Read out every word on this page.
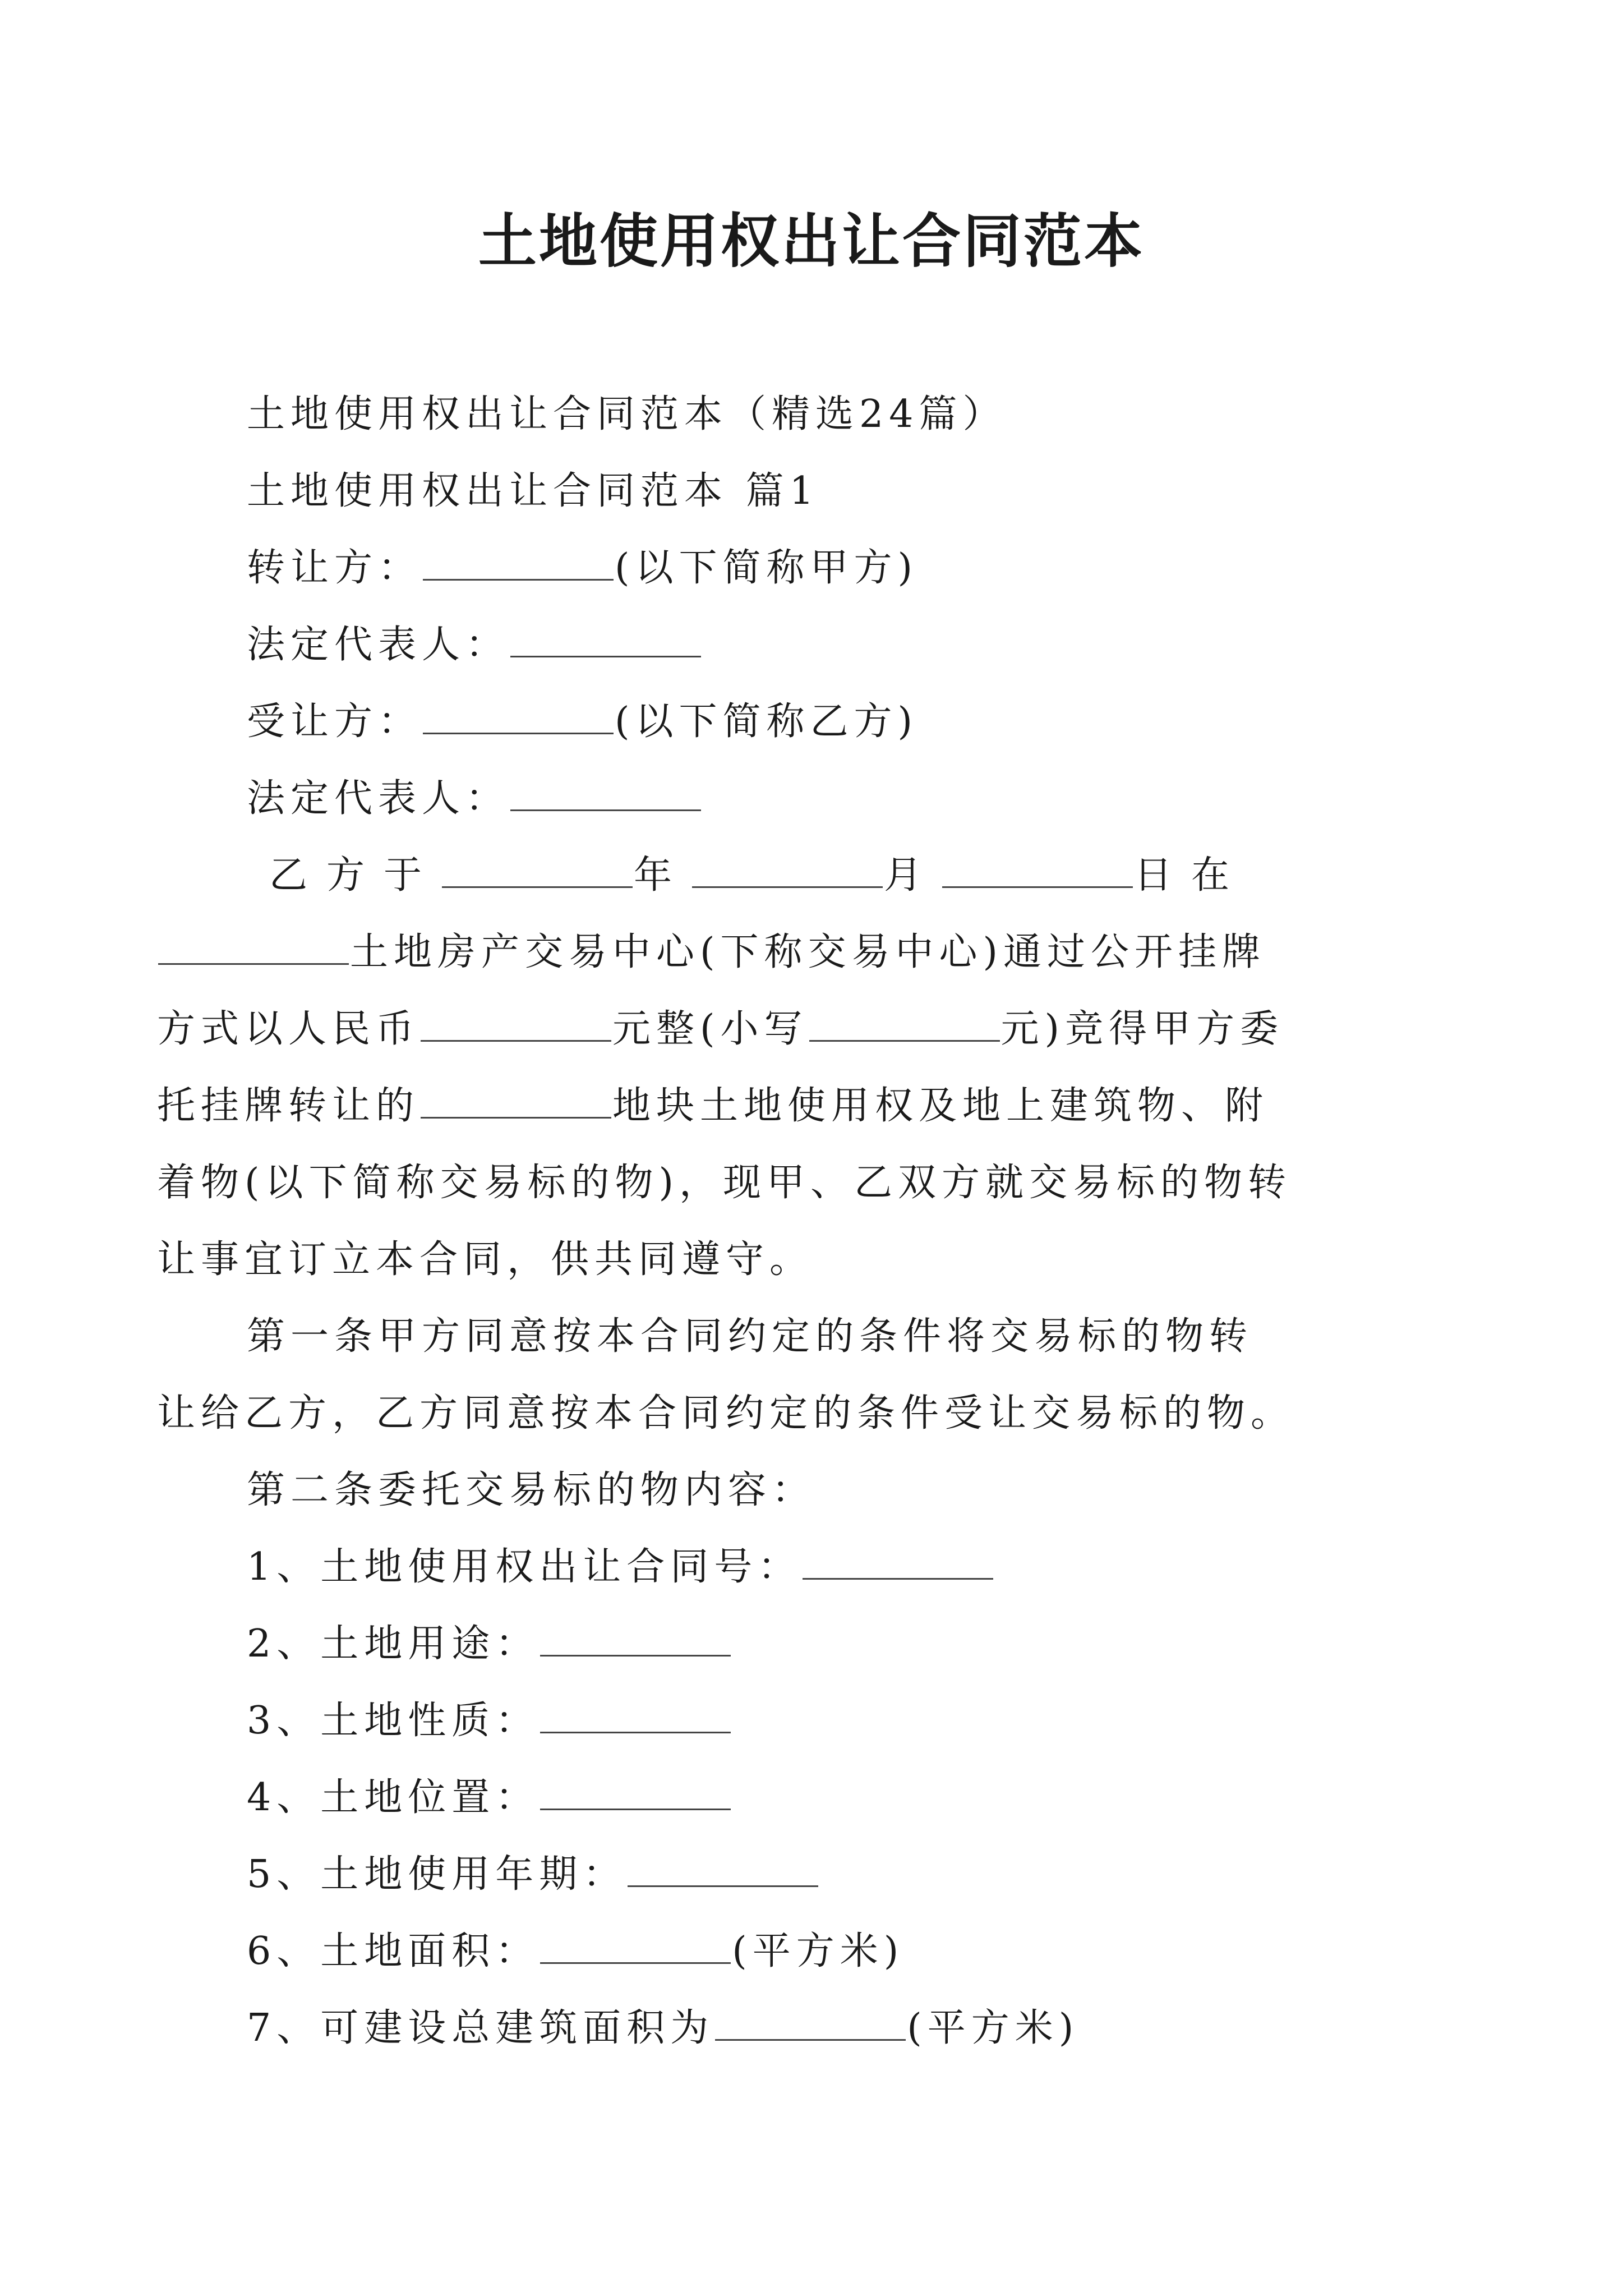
土地使用权出让合同范本

土地使用权出让合同范本（精选24篇）

土地使用权出让合同范本 篇1

转让方：	(以下简称甲方)

法定代表人：

受让方：	(以下简称乙方)

法定代表人：

乙方于	年	月	日在

土地房产交易中心(下称交易中心)通过公开挂牌

方式以人民币	元整(小写	元)竞得甲方委

托挂牌转让的	地块土地使用权及地上建筑物、附

着物(以下简称交易标的物)，现甲、乙双方就交易标的物转

让事宜订立本合同，供共同遵守。

第一条甲方同意按本合同约定的条件将交易标的物转

让给乙方，乙方同意按本合同约定的条件受让交易标的物。

第二条委托交易标的物内容：

1、土地使用权出让合同号：

2、土地用途：

3、土地性质：

4、土地位置：

5、土地使用年期：

6、土地面积：	(平方米)

7、可建设总建筑面积为	(平方米)
